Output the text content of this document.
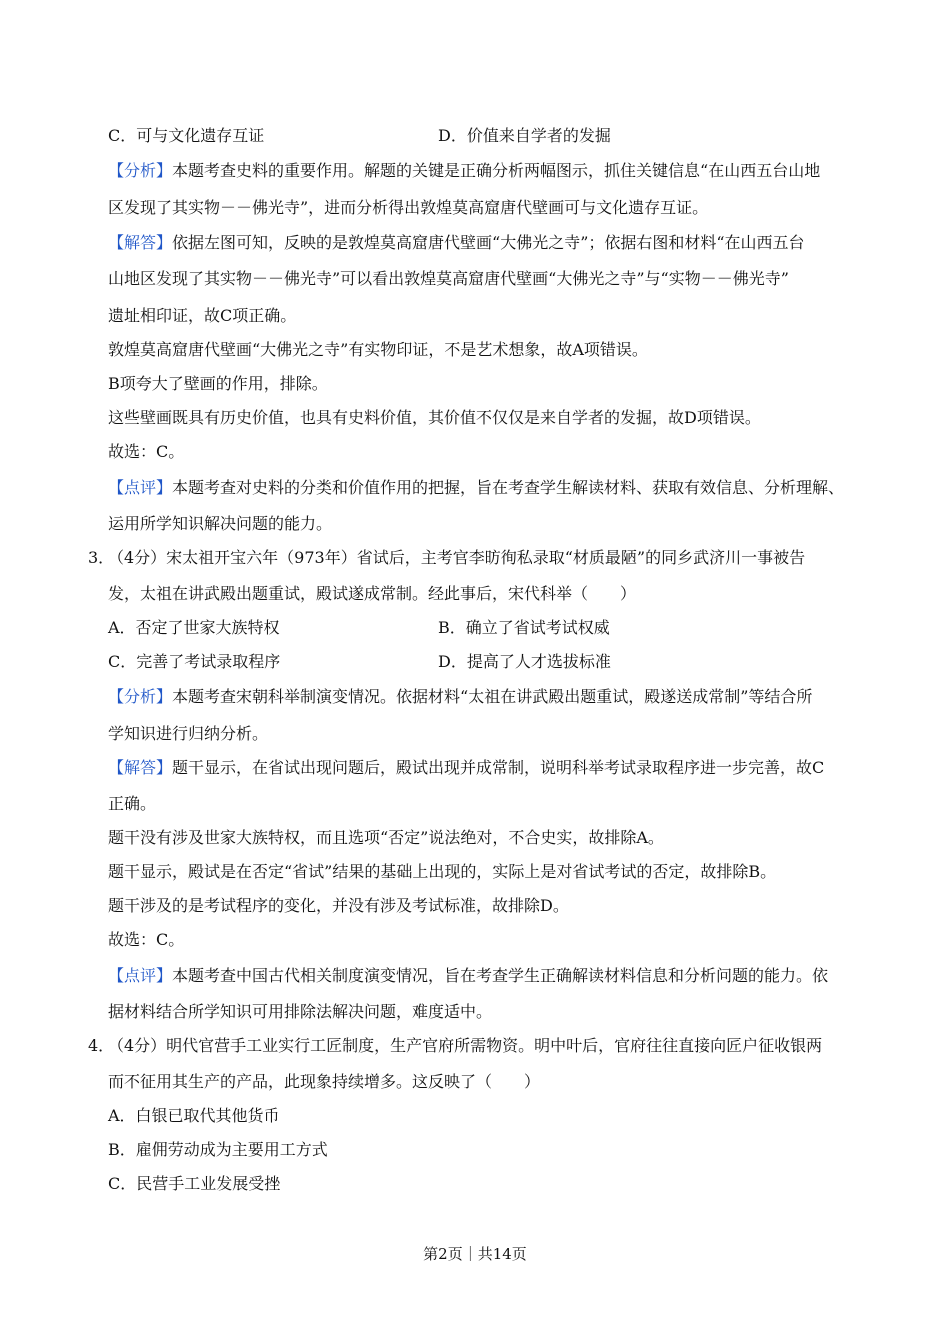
C．可与文化遗存互证	D．价值来自学者的发掘
【分析】本题考查史料的重要作用。解题的关键是正确分析两幅图示，抓住关键信息“在山西五台山地
区发现了其实物－－佛光寺”，进而分析得出敦煌莫高窟唐代壁画可与文化遗存互证。
【解答】依据左图可知，反映的是敦煌莫高窟唐代壁画“大佛光之寺”；依据右图和材料“在山西五台
山地区发现了其实物－－佛光寺”可以看出敦煌莫高窟唐代壁画“大佛光之寺”与“实物－－佛光寺”
遗址相印证，故C项正确。
敦煌莫高窟唐代壁画“大佛光之寺”有实物印证，不是艺术想象，故A项错误。
B项夸大了壁画的作用，排除。
这些壁画既具有历史价值，也具有史料价值，其价值不仅仅是来自学者的发掘，故D项错误。
故选：C。
【点评】本题考查对史料的分类和价值作用的把握，旨在考查学生解读材料、获取有效信息、分析理解、
运用所学知识解决问题的能力。
3．
（4分）宋太祖开宝六年（973年）省试后，主考官李昉徇私录取“材质最陋”的同乡武济川一事被告
发，太祖在讲武殿出题重试，殿试遂成常制。经此事后，宋代科举（　　）
A．否定了世家大族特权	B．确立了省试考试权威
C．完善了考试录取程序	D．提高了人才选拔标准
【分析】本题考查宋朝科举制演变情况。依据材料“太祖在讲武殿出题重试，殿遂送成常制”等结合所
学知识进行归纳分析。
【解答】题干显示，在省试出现问题后，殿试出现并成常制，说明科举考试录取程序进一步完善，故C
正确。
题干没有涉及世家大族特权，而且选项“否定”说法绝对，不合史实，故排除A。
题干显示，殿试是在否定“省试”结果的基础上出现的，实际上是对省试考试的否定，故排除B。
题干涉及的是考试程序的变化，并没有涉及考试标准，故排除D。
故选：C。
【点评】本题考查中国古代相关制度演变情况，旨在考查学生正确解读材料信息和分析问题的能力。依
据材料结合所学知识可用排除法解决问题，难度适中。
4．
（4分）明代官营手工业实行工匠制度，生产官府所需物资。明中叶后，官府往往直接向匠户征收银两
而不征用其生产的产品，此现象持续增多。这反映了（　　）
A．白银已取代其他货币
B．雇佣劳动成为主要用工方式
C．民营手工业发展受挫
第2页｜共14页
